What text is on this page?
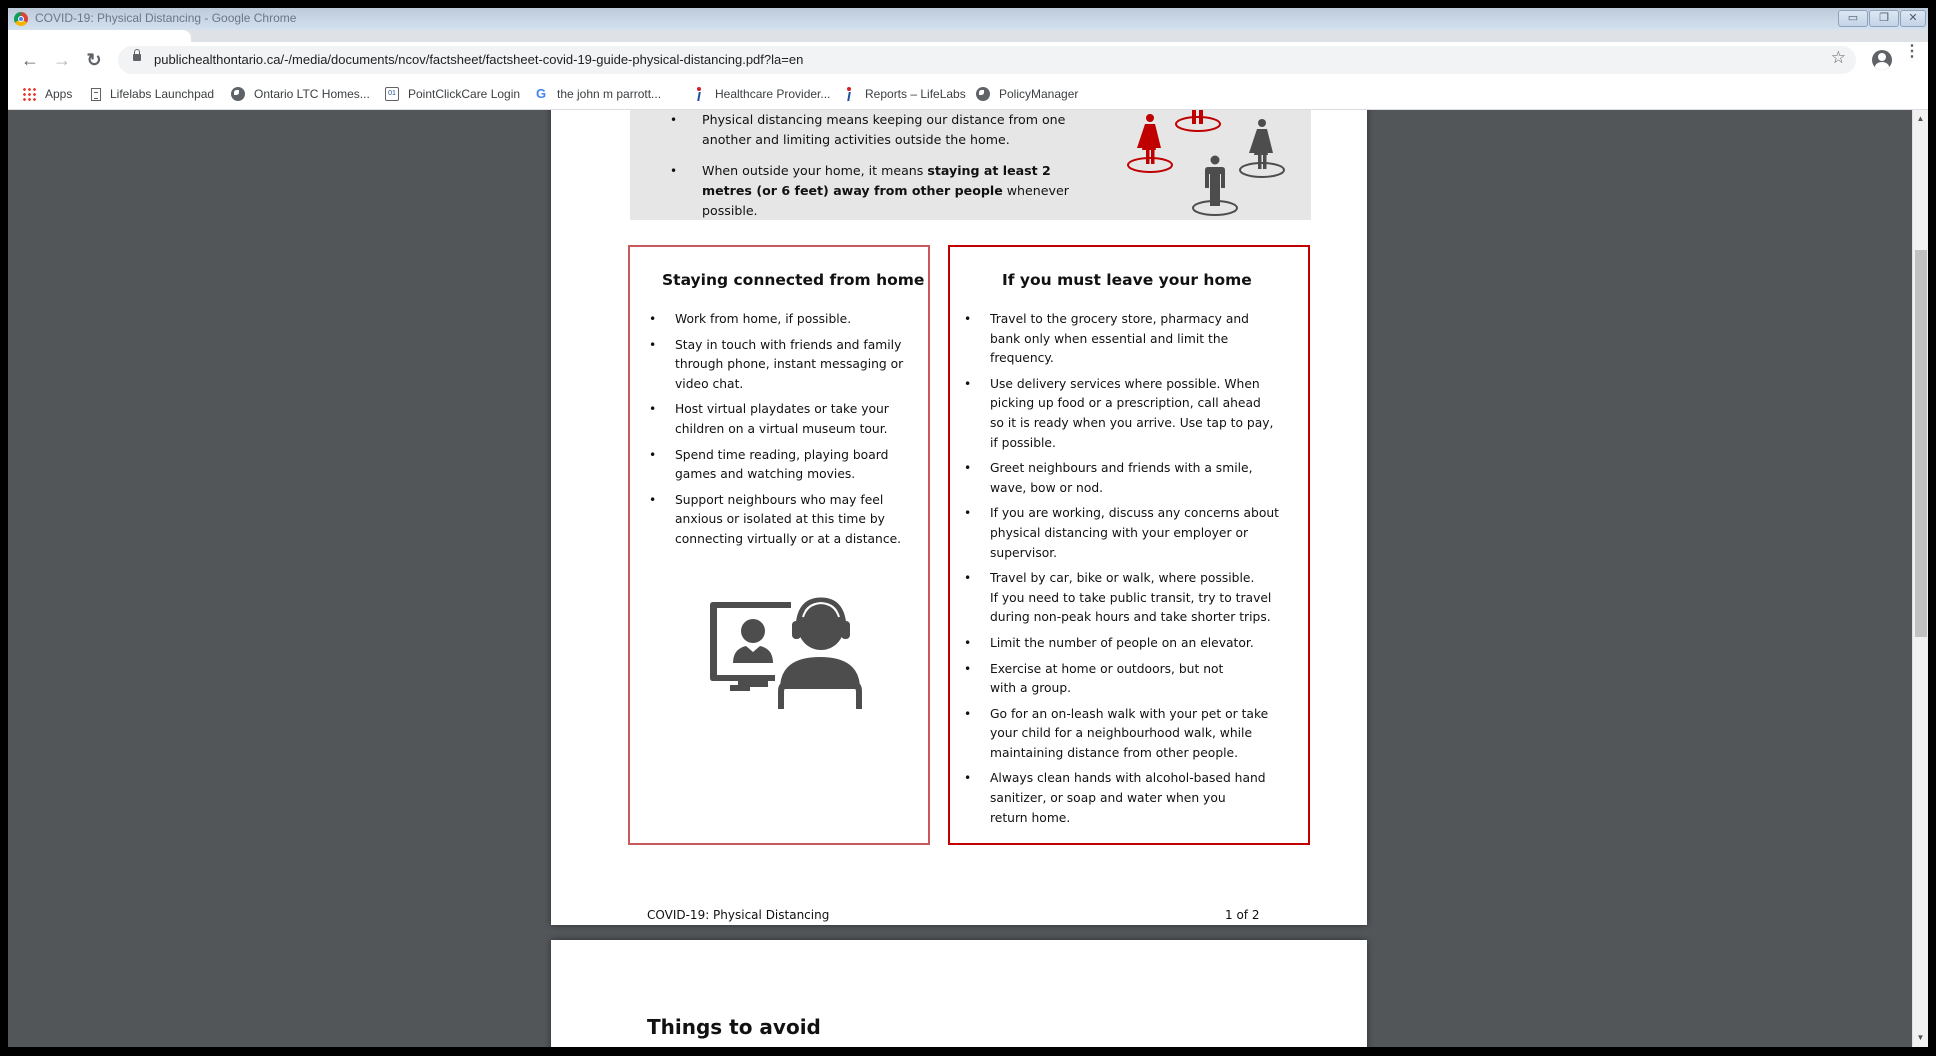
COVID-19: Physical Distancing - Google Chrome	▭	❐	✕
← → ↻	publichealthontario.ca/-/media/documents/ncov/factsheet/factsheet-covid-19-guide-physical-distancing.pdf?la=en	☆	⋮
Apps	Lifelabs Launchpad	Ontario LTC Homes...	01 PointClickCare Login G the john m parrott...	Healthcare Provider...	Reports – LifeLabs	PolicyManager
• Physical distancing means keeping our distance from one another and limiting activities outside the home.
• When outside your home, it means staying at least 2 metres (or 6 feet) away from other people whenever possible.
Staying connected from home
• Work from home, if possible.
• Stay in touch with friends and family
through phone, instant messaging or
video chat.
• Host virtual playdates or take your
children on a virtual museum tour.
• Spend time reading, playing board
games and watching movies.
• Support neighbours who may feel
anxious or isolated at this time by
connecting virtually or at a distance.
If you must leave your home
• Travel to the grocery store, pharmacy and
bank only when essential and limit the
frequency.
• Use delivery services where possible. When
picking up food or a prescription, call ahead
so it is ready when you arrive. Use tap to pay,
if possible.
• Greet neighbours and friends with a smile,
wave, bow or nod.
• If you are working, discuss any concerns about
physical distancing with your employer or
supervisor.
• Travel by car, bike or walk, where possible.
If you need to take public transit, try to travel
during non-peak hours and take shorter trips.
• Limit the number of people on an elevator.
• Exercise at home or outdoors, but not
with a group.
• Go for an on-leash walk with your pet or take
your child for a neighbourhood walk, while
maintaining distance from other people.
• Always clean hands with alcohol-based hand
sanitizer, or soap and water when you
return home.
COVID-19: Physical Distancing	1 of 2
Things to avoid
▲
▼
